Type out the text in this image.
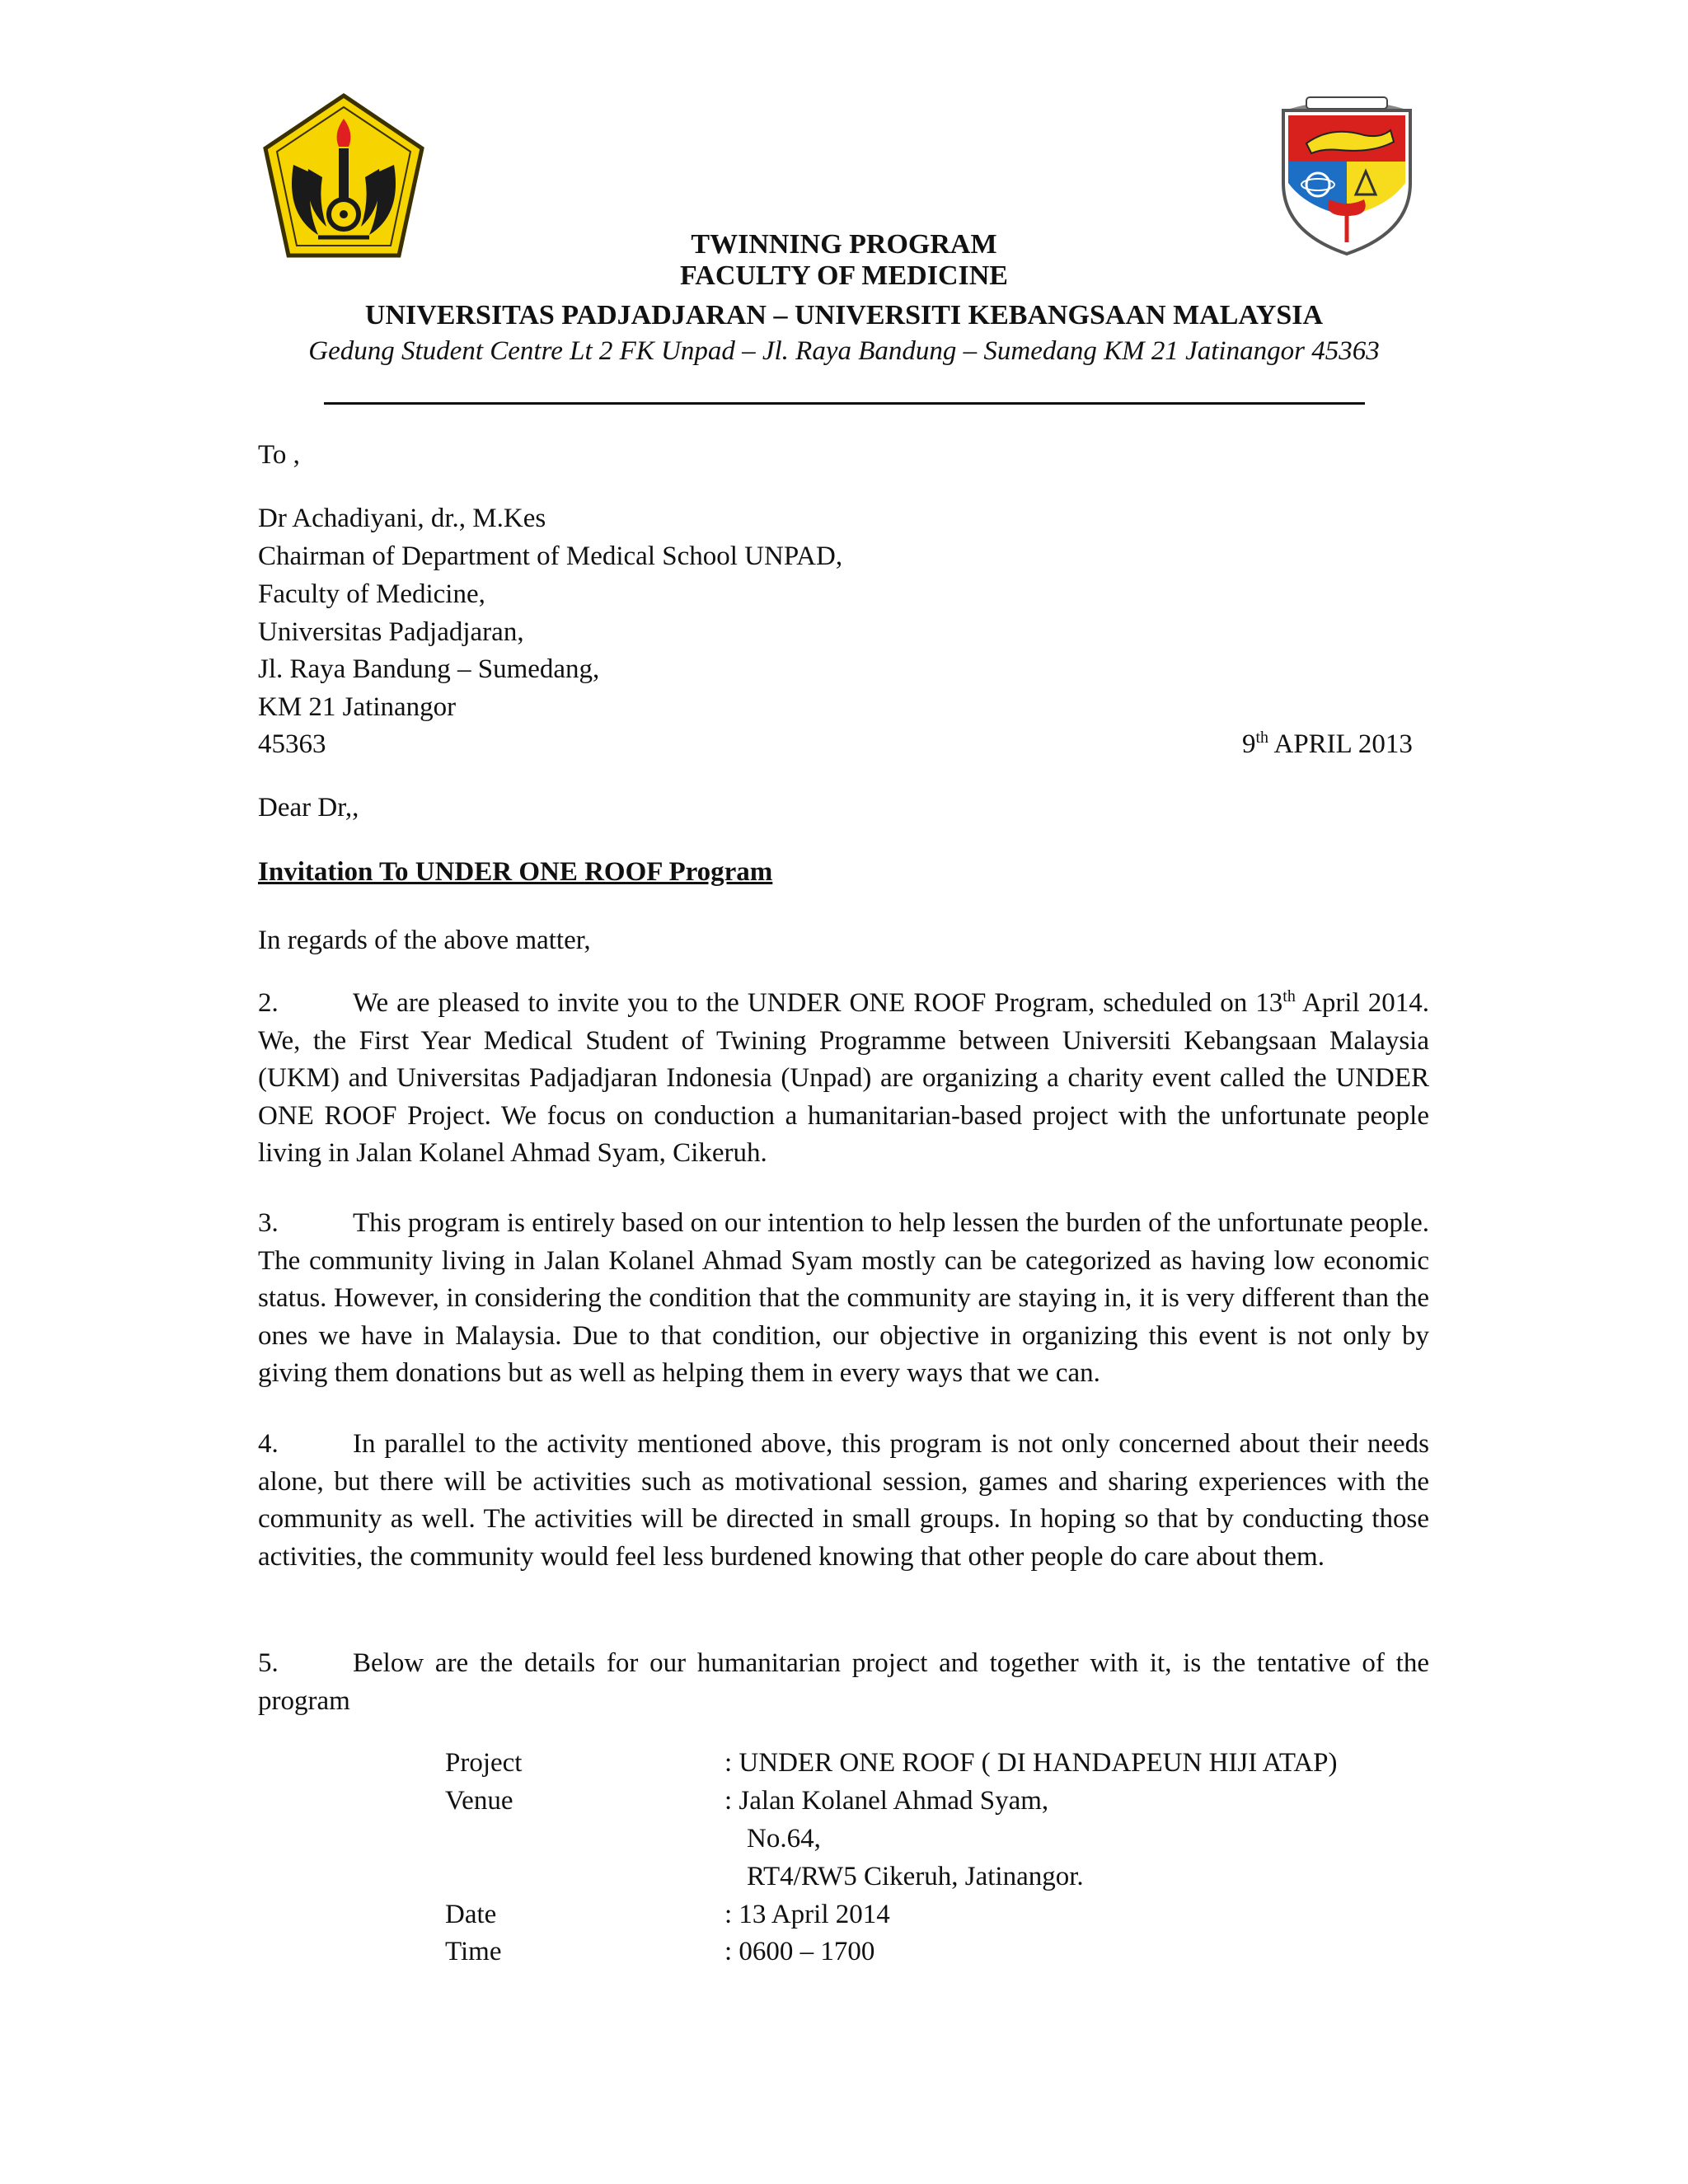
TWINNING PROGRAM
FACULTY OF MEDICINE
UNIVERSITAS PADJADJARAN – UNIVERSITI KEBANGSAAN MALAYSIA
Gedung Student Centre Lt 2 FK Unpad – Jl. Raya Bandung – Sumedang KM 21 Jatinangor 45363
To ,
Dr Achadiyani, dr., M.Kes
Chairman of Department of Medical School UNPAD,
Faculty of Medicine,
Universitas Padjadjaran,
Jl. Raya Bandung – Sumedang,
KM 21 Jatinangor
45363	9th APRIL 2013
Dear Dr,,
Invitation To UNDER ONE ROOF Program
In regards of the above matter,
2.	We are pleased to invite you to the UNDER ONE ROOF Program, scheduled on 13th April 2014. We, the First Year Medical Student of Twining Programme between Universiti Kebangsaan Malaysia (UKM) and Universitas Padjadjaran Indonesia (Unpad) are organizing a charity event called the UNDER ONE ROOF Project. We focus on conduction a humanitarian-based project with the unfortunate people living in Jalan Kolanel Ahmad Syam, Cikeruh.
3.	This program is entirely based on our intention to help lessen the burden of the unfortunate people. The community living in Jalan Kolanel Ahmad Syam mostly can be categorized as having low economic status. However, in considering the condition that the community are staying in, it is very different than the ones we have in Malaysia. Due to that condition, our objective in organizing this event is not only by giving them donations but as well as helping them in every ways that we can.
4.	In parallel to the activity mentioned above, this program is not only concerned about their needs alone, but there will be activities such as motivational session, games and sharing experiences with the community as well. The activities will be directed in small groups. In hoping so that by conducting those activities, the community would feel less burdened knowing that other people do care about them.
5.	Below are the details for our humanitarian project and together with it, is the tentative of the program
Project	: UNDER ONE ROOF ( DI HANDAPEUN HIJI ATAP)
Venue	: Jalan Kolanel Ahmad Syam,
No.64,
RT4/RW5 Cikeruh, Jatinangor.
Date	: 13 April 2014
Time	: 0600 – 1700
